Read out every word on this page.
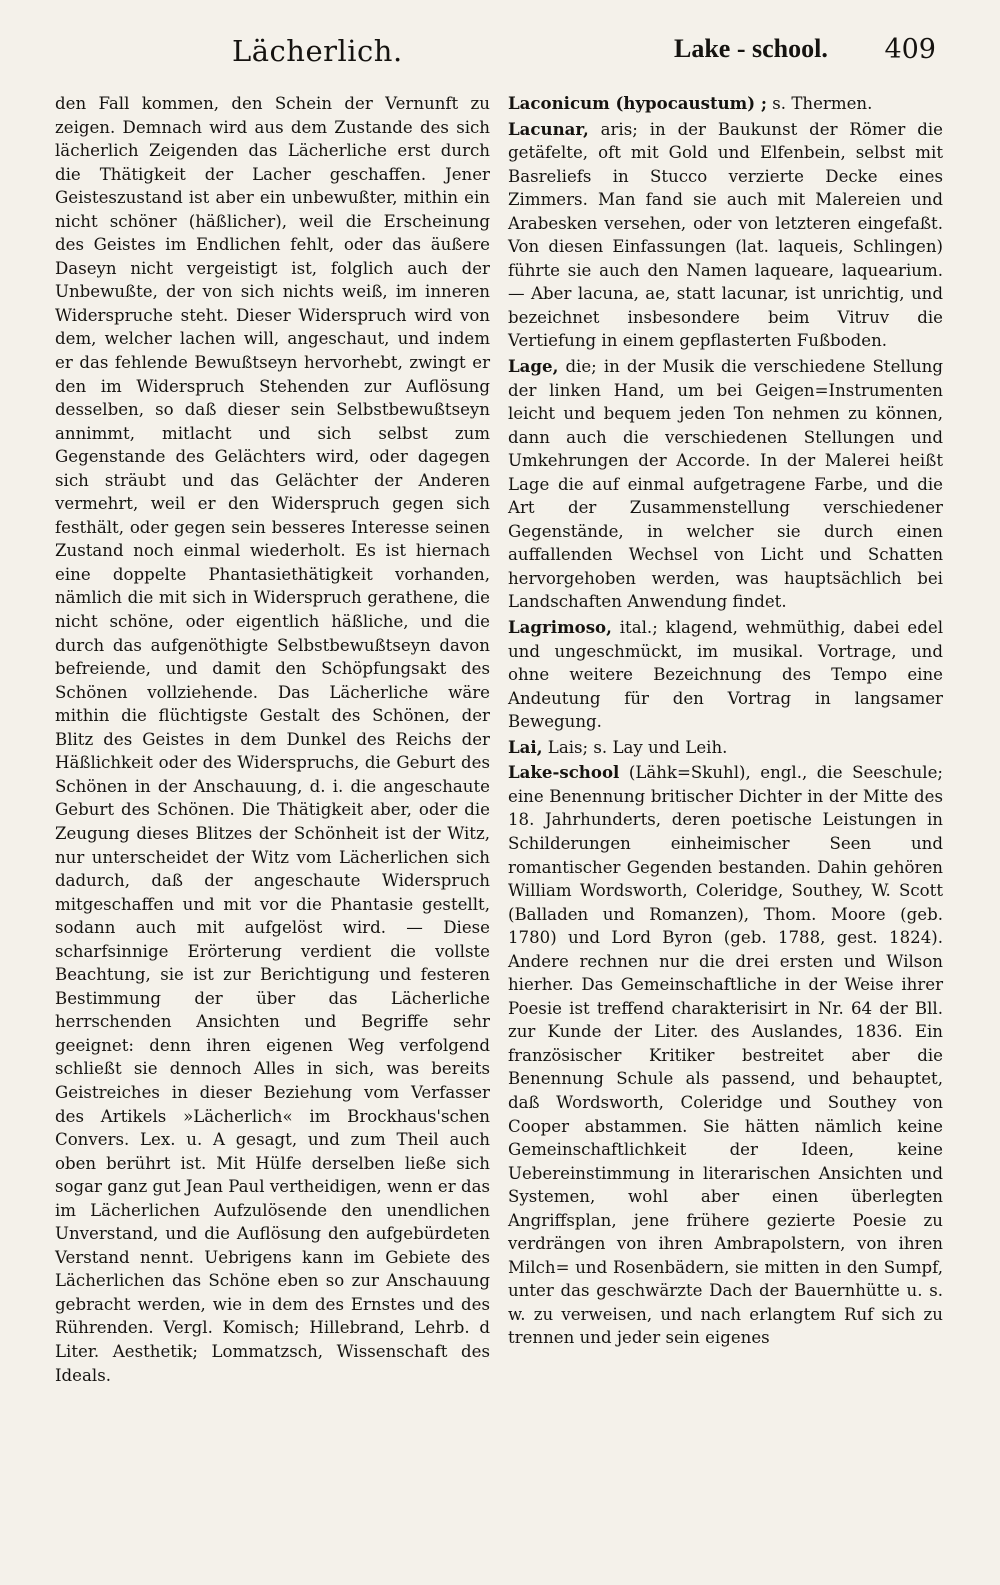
Lächerlich.	Lake - school. 409

den Fall kommen, den Schein der Vernunft zu zeigen. Demnach wird aus dem Zustande des sich lächerlich Zeigenden das Lächerliche erst durch die Thätigkeit der Lacher geschaffen. Jener Geisteszustand ist aber ein unbewußter, mithin ein nicht schöner (häßlicher), weil die Erscheinung des Geistes im Endlichen fehlt, oder das äußere Daseyn nicht vergeistigt ist, folglich auch der Unbewußte, der von sich nichts weiß, im inneren Widerspruche steht. Dieser Widerspruch wird von dem, welcher lachen will, angeschaut, und indem er das fehlende Bewußtseyn hervorhebt, zwingt er den im Widerspruch Stehenden zur Auflösung desselben, so daß dieser sein Selbstbewußtseyn annimmt, mitlacht und sich selbst zum Gegenstande des Gelächters wird, oder dagegen sich sträubt und das Gelächter der Anderen vermehrt, weil er den Widerspruch gegen sich festhält, oder gegen sein besseres Interesse seinen Zustand noch einmal wiederholt. Es ist hiernach eine doppelte Phantasiethätigkeit vorhanden, nämlich die mit sich in Widerspruch gerathene, die nicht schöne, oder eigentlich häßliche, und die durch das aufgenöthigte Selbstbewußtseyn davon befreiende, und damit den Schöpfungsakt des Schönen vollziehende. Das Lächerliche wäre mithin die flüchtigste Gestalt des Schönen, der Blitz des Geistes in dem Dunkel des Reichs der Häßlichkeit oder des Widerspruchs, die Geburt des Schönen in der Anschauung, d. i. die angeschaute Geburt des Schönen. Die Thätigkeit aber, oder die Zeugung dieses Blitzes der Schönheit ist der Witz, nur unterscheidet der Witz vom Lächerlichen sich dadurch, daß der angeschaute Widerspruch mitgeschaffen und mit vor die Phantasie gestellt, sodann auch mit aufgelöst wird. — Diese scharfsinnige Erörterung verdient die vollste Beachtung, sie ist zur Berichtigung und festeren Bestimmung der über das Lächerliche herrschenden Ansichten und Begriffe sehr geeignet: denn ihren eigenen Weg verfolgend schließt sie dennoch Alles in sich, was bereits Geistreiches in dieser Beziehung vom Verfasser des Artikels »Lächerlich« im Brockhaus'schen Convers. Lex. u. A gesagt, und zum Theil auch oben berührt ist. Mit Hülfe derselben ließe sich sogar ganz gut Jean Paul vertheidigen, wenn er das im Lächerlichen Aufzulösende den unendlichen Unverstand, und die Auflösung den aufgebürdeten Verstand nennt. Uebrigens kann im Gebiete des Lächerlichen das Schöne eben so zur Anschauung gebracht werden, wie in dem des Ernstes und des Rührenden. Vergl. Komisch; Hillebrand, Lehrb. d Liter. Aesthetik; Lommatzsch, Wissenschaft des Ideals.

Laconicum (hypocaustum) ; s. Thermen.

Lacunar, aris; in der Baukunst der Römer die getäfelte, oft mit Gold und Elfenbein, selbst mit Basreliefs in Stucco verzierte Decke eines Zimmers. Man fand sie auch mit Malereien und Arabesken versehen, oder von letzteren eingefaßt. Von diesen Einfassungen (lat. laqueis, Schlingen) führte sie auch den Namen laqueare, laquearium. — Aber lacuna, ae, statt lacunar, ist unrichtig, und bezeichnet insbesondere beim Vitruv die Vertiefung in einem gepflasterten Fußboden.

Lage, die; in der Musik die verschiedene Stellung der linken Hand, um bei Geigen=Instrumenten leicht und bequem jeden Ton nehmen zu können, dann auch die verschiedenen Stellungen und Umkehrungen der Accorde. In der Malerei heißt Lage die auf einmal aufgetragene Farbe, und die Art der Zusammenstellung verschiedener Gegenstände, in welcher sie durch einen auffallenden Wechsel von Licht und Schatten hervorgehoben werden, was hauptsächlich bei Landschaften Anwendung findet.

Lagrimoso, ital.; klagend, wehmüthig, dabei edel und ungeschmückt, im musikal. Vortrage, und ohne weitere Bezeichnung des Tempo eine Andeutung für den Vortrag in langsamer Bewegung.

Lai, Lais; s. Lay und Leih.

Lake-school (Lähk=Skuhl), engl., die Seeschule; eine Benennung britischer Dichter in der Mitte des 18. Jahrhunderts, deren poetische Leistungen in Schilderungen einheimischer Seen und romantischer Gegenden bestanden. Dahin gehören William Wordsworth, Coleridge, Southey, W. Scott (Balladen und Romanzen), Thom. Moore (geb. 1780) und Lord Byron (geb. 1788, gest. 1824). Andere rechnen nur die drei ersten und Wilson hierher. Das Gemeinschaftliche in der Weise ihrer Poesie ist treffend charakterisirt in Nr. 64 der Bll. zur Kunde der Liter. des Auslandes, 1836. Ein französischer Kritiker bestreitet aber die Benennung Schule als passend, und behauptet, daß Wordsworth, Coleridge und Southey von Cooper abstammen. Sie hätten nämlich keine Gemeinschaftlichkeit der Ideen, keine Uebereinstimmung in literarischen Ansichten und Systemen, wohl aber einen überlegten Angriffsplan, jene frühere gezierte Poesie zu verdrängen von ihren Ambrapolstern, von ihren Milch= und Rosenbädern, sie mitten in den Sumpf, unter das geschwärzte Dach der Bauernhütte u. s. w. zu verweisen, und nach erlangtem Ruf sich zu trennen und jeder sein eigenes
